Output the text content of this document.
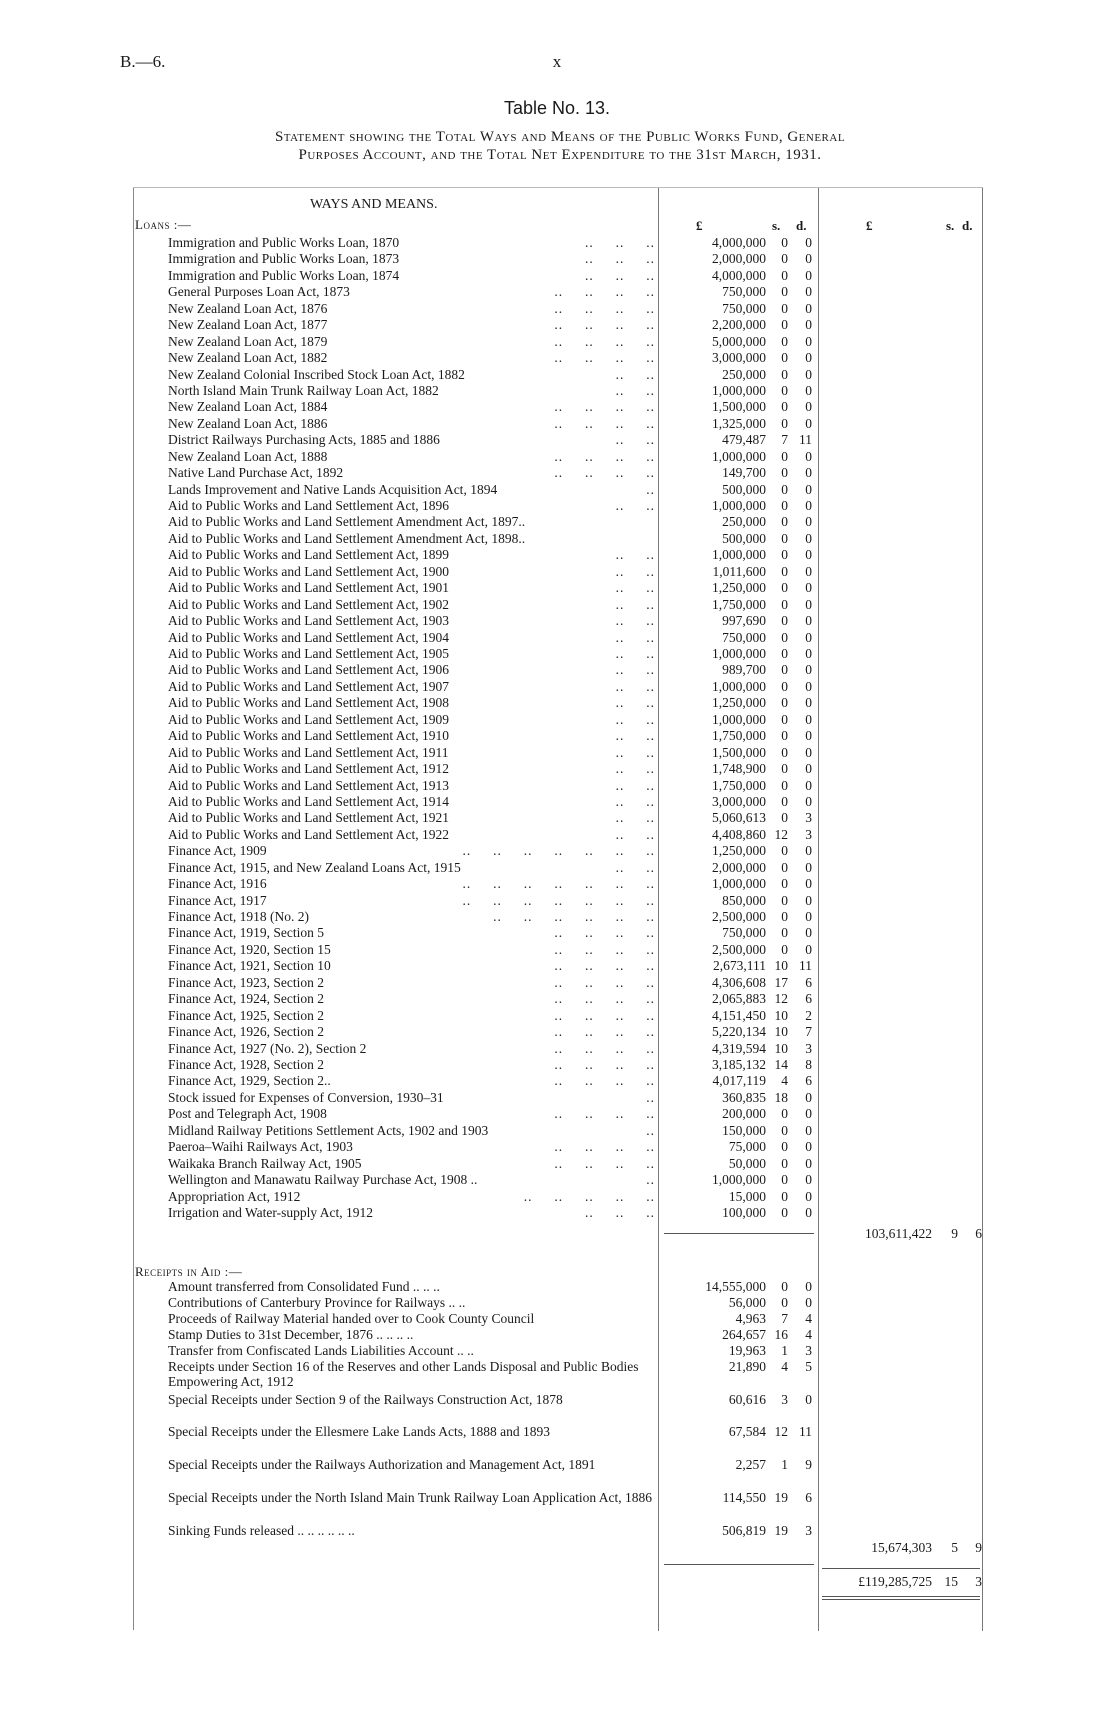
B.—6.	x
Table No. 13.
Statement showing the Total Ways and Means of the Public Works Fund, General
Purposes Account, and the Total Net Expenditure to the 31st March, 1931.
WAYS AND MEANS.
Loans :—	£	s. d.	£	s. d.
Immigration and Public Works Loan, 1870	..     ..     ..	4,000,000	0	0
Immigration and Public Works Loan, 1873	..     ..     ..	2,000,000	0	0
Immigration and Public Works Loan, 1874	..     ..     ..	4,000,000	0	0
General Purposes Loan Act, 1873	..     ..     ..     ..	750,000	0	0
New Zealand Loan Act, 1876	..     ..     ..     ..	750,000	0	0
New Zealand Loan Act, 1877	..     ..     ..     ..	2,200,000	0	0
New Zealand Loan Act, 1879	..     ..     ..     ..	5,000,000	0	0
New Zealand Loan Act, 1882	..     ..     ..     ..	3,000,000	0	0
New Zealand Colonial Inscribed Stock Loan Act, 1882	..     ..	250,000	0	0
North Island Main Trunk Railway Loan Act, 1882	..     ..	1,000,000	0	0
New Zealand Loan Act, 1884	..     ..     ..     ..	1,500,000	0	0
New Zealand Loan Act, 1886	..     ..     ..     ..	1,325,000	0	0
District Railways Purchasing Acts, 1885 and 1886	..     ..	479,487	7 11
New Zealand Loan Act, 1888	..     ..     ..     ..	1,000,000	0	0
Native Land Purchase Act, 1892	..     ..     ..     ..	149,700	0	0
Lands Improvement and Native Lands Acquisition Act, 1894	..	500,000	0	0
Aid to Public Works and Land Settlement Act, 1896	..     ..	1,000,000	0	0
Aid to Public Works and Land Settlement Amendment Act, 1897..	250,000	0	0
Aid to Public Works and Land Settlement Amendment Act, 1898..	500,000	0	0
Aid to Public Works and Land Settlement Act, 1899	..     ..	1,000,000	0	0
Aid to Public Works and Land Settlement Act, 1900	..     ..	1,011,600	0	0
Aid to Public Works and Land Settlement Act, 1901	..     ..	1,250,000	0	0
Aid to Public Works and Land Settlement Act, 1902	..     ..	1,750,000	0	0
Aid to Public Works and Land Settlement Act, 1903	..     ..	997,690	0	0
Aid to Public Works and Land Settlement Act, 1904	..     ..	750,000	0	0
Aid to Public Works and Land Settlement Act, 1905	..     ..	1,000,000	0	0
Aid to Public Works and Land Settlement Act, 1906	..     ..	989,700	0	0
Aid to Public Works and Land Settlement Act, 1907	..     ..	1,000,000	0	0
Aid to Public Works and Land Settlement Act, 1908	..     ..	1,250,000	0	0
Aid to Public Works and Land Settlement Act, 1909	..     ..	1,000,000	0	0
Aid to Public Works and Land Settlement Act, 1910	..     ..	1,750,000	0	0
Aid to Public Works and Land Settlement Act, 1911	..     ..	1,500,000	0	0
Aid to Public Works and Land Settlement Act, 1912	..     ..	1,748,900	0	0
Aid to Public Works and Land Settlement Act, 1913	..     ..	1,750,000	0	0
Aid to Public Works and Land Settlement Act, 1914	..     ..	3,000,000	0	0
Aid to Public Works and Land Settlement Act, 1921	..     ..	5,060,613	0	3
Aid to Public Works and Land Settlement Act, 1922	..     ..	4,408,860 12	3
Finance Act, 1909	..     ..     ..     ..     ..     ..     ..	1,250,000	0	0
Finance Act, 1915, and New Zealand Loans Act, 1915	..     ..	2,000,000	0	0
Finance Act, 1916	..     ..     ..     ..     ..     ..     ..	1,000,000	0	0
Finance Act, 1917	..     ..     ..     ..     ..     ..     ..	850,000	0	0
Finance Act, 1918 (No. 2)	..     ..     ..     ..     ..     ..	2,500,000	0	0
Finance Act, 1919, Section 5	..     ..     ..     ..	750,000	0	0
Finance Act, 1920, Section 15	..     ..     ..     ..	2,500,000	0	0
Finance Act, 1921, Section 10	..     ..     ..     ..	2,673,111 10 11
Finance Act, 1923, Section 2	..     ..     ..     ..	4,306,608 17	6
Finance Act, 1924, Section 2	..     ..     ..     ..	2,065,883 12	6
Finance Act, 1925, Section 2	..     ..     ..     ..	4,151,450 10	2
Finance Act, 1926, Section 2	..     ..     ..     ..	5,220,134 10	7
Finance Act, 1927 (No. 2), Section 2	..     ..     ..     ..	4,319,594 10	3
Finance Act, 1928, Section 2	..     ..     ..     ..	3,185,132 14	8
Finance Act, 1929, Section 2..	..     ..     ..     ..	4,017,119	4	6
Stock issued for Expenses of Conversion, 1930–31	..	360,835 18	0
Post and Telegraph Act, 1908	..     ..     ..     ..	200,000	0	0
Midland Railway Petitions Settlement Acts, 1902 and 1903	..	150,000	0	0
Paeroa–Waihi Railways Act, 1903	..     ..     ..     ..	75,000	0	0
Waikaka Branch Railway Act, 1905	..     ..     ..     ..	50,000	0	0
Wellington and Manawatu Railway Purchase Act, 1908 ..	..	1,000,000	0	0
Appropriation Act, 1912	..     ..     ..     ..     ..	15,000	0	0
Irrigation and Water-supply Act, 1912	..     ..     ..	100,000	0	0
103,611,422	9	6
Receipts in Aid :—
Amount transferred from Consolidated Fund .. .. ..	14,555,000	0	0
Contributions of Canterbury Province for Railways .. ..	56,000	0	0
Proceeds of Railway Material handed over to Cook County Council	4,963	7	4
Stamp Duties to 31st December, 1876 .. .. .. ..	264,657 16	4
Transfer from Confiscated Lands Liabilities Account .. ..	19,963	1	3
Receipts under Section 16 of the Reserves and other Lands Disposal and Public Bodies Empowering Act, 1912
21,890	4	5
Special Receipts under Section 9 of the Railways Construction Act, 1878	60,616	3	0
Special Receipts under the Ellesmere Lake Lands Acts, 1888 and 1893	67,584 12 11
Special Receipts under the Railways Authorization and Management Act, 1891	2,257	1	9
Special Receipts under the North Island Main Trunk Railway Loan Application Act, 1886	114,550 19	6
Sinking Funds released .. .. .. .. .. ..	506,819 19	3
15,674,303	5	9
£119,285,725 15	3
